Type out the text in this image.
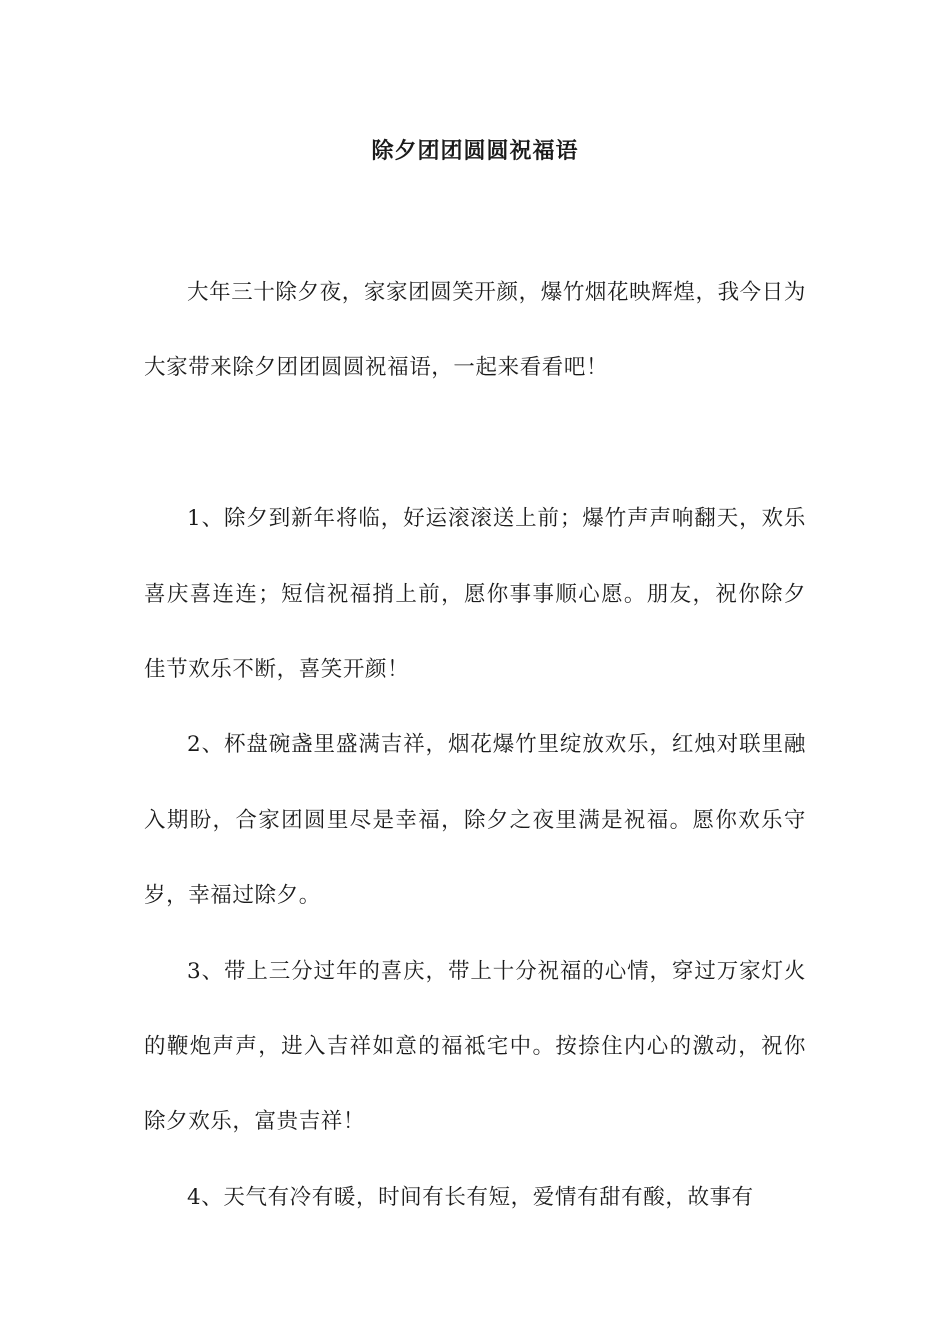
除夕团团圆圆祝福语

大年三十除夕夜，家家团圆笑开颜，爆竹烟花映辉煌，我今日为大家带来除夕团团圆圆祝福语，一起来看看吧！

1、除夕到新年将临，好运滚滚送上前；爆竹声声响翻天，欢乐喜庆喜连连；短信祝福捎上前，愿你事事顺心愿。朋友，祝你除夕佳节欢乐不断，喜笑开颜！

2、杯盘碗盏里盛满吉祥，烟花爆竹里绽放欢乐，红烛对联里融入期盼，合家团圆里尽是幸福，除夕之夜里满是祝福。愿你欢乐守岁，幸福过除夕。

3、带上三分过年的喜庆，带上十分祝福的心情，穿过万家灯火的鞭炮声声，进入吉祥如意的福祗宅中。按捺住内心的激动，祝你除夕欢乐，富贵吉祥！

4、天气有冷有暖，时间有长有短，爱情有甜有酸，故事有
